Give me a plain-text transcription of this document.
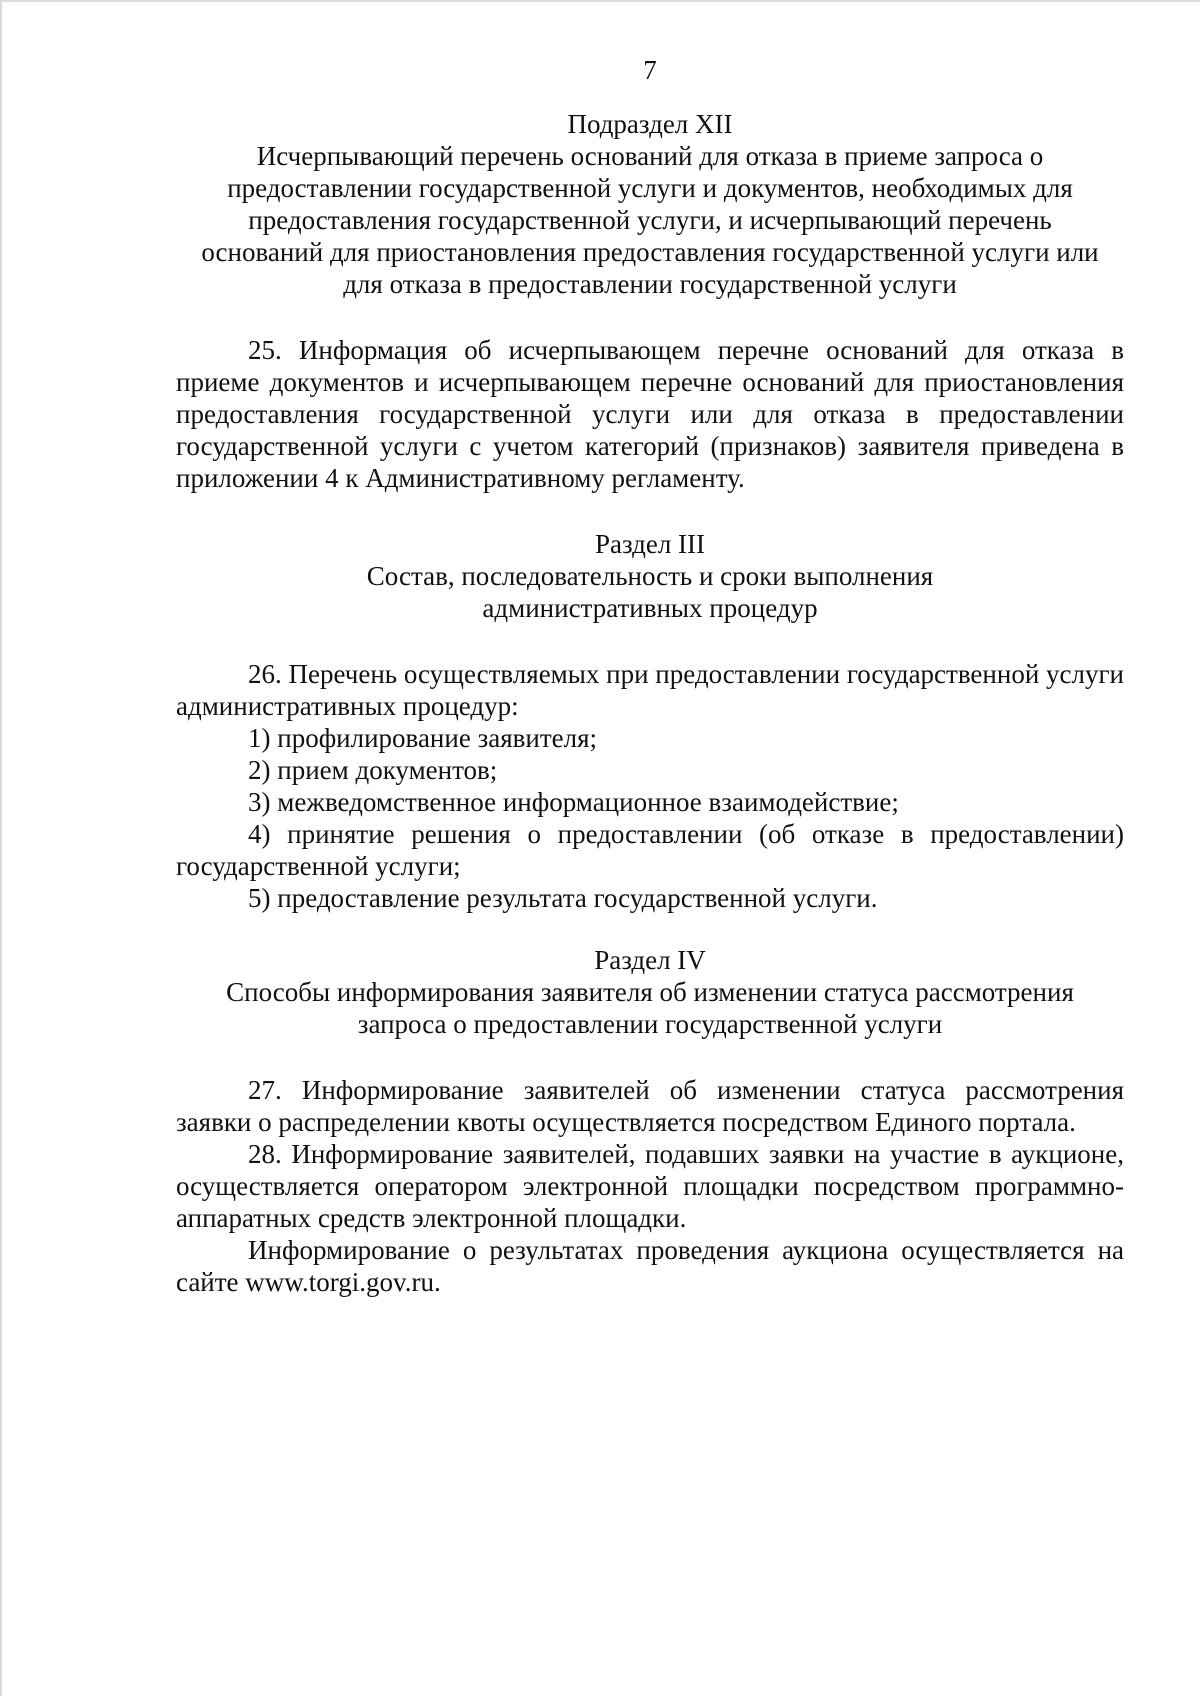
7

Подраздел XII

Исчерпывающий перечень оснований для отказа в приеме запроса о

предоставлении государственной услуги и документов, необходимых для

предоставления государственной услуги, и исчерпывающий перечень

оснований для приостановления предоставления государственной услуги или

для отказа в предоставлении государственной услуги

25. Информация об исчерпывающем перечне оснований для отказа в приеме документов и исчерпывающем перечне оснований для приостановления предоставления государственной услуги или для отказа в предоставлении государственной услуги с учетом категорий (признаков) заявителя приведена в приложении 4 к Административному регламенту.

Раздел III

Состав, последовательность и сроки выполнения

административных процедур

26. Перечень осуществляемых при предоставлении государственной услуги административных процедур:

1) профилирование заявителя;

2) прием документов;

3) межведомственное информационное взаимодействие;

4) принятие решения о предоставлении (об отказе в предоставлении) государственной услуги;

5) предоставление результата государственной услуги.

Раздел IV

Способы информирования заявителя об изменении статуса рассмотрения

запроса о предоставлении государственной услуги

27. Информирование заявителей об изменении статуса рассмотрения заявки о распределении квоты осуществляется посредством Единого портала.

28. Информирование заявителей, подавших заявки на участие в аукционе, осуществляется оператором электронной площадки посредством программно-аппаратных средств электронной площадки.

Информирование о результатах проведения аукциона осуществляется на сайте www.torgi.gov.ru.
